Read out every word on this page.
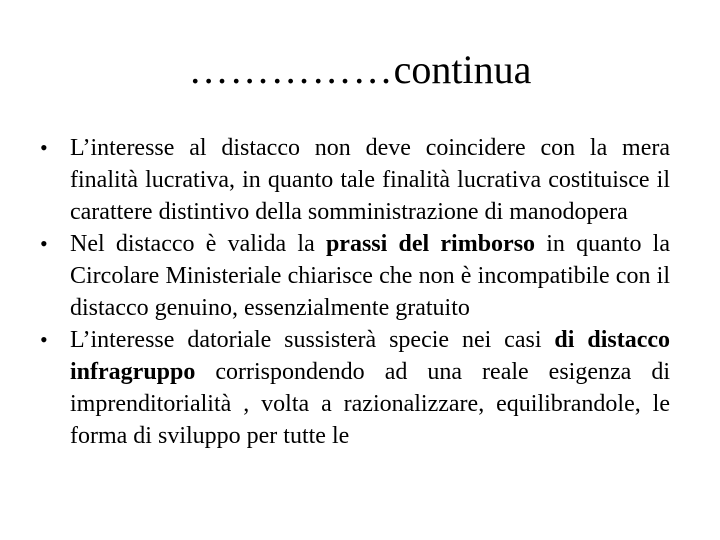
……………continua
• L’interesse al distacco non deve coincidere con la mera finalità lucrativa, in quanto tale finalità lucrativa costituisce il carattere distintivo della somministrazione di manodopera
• Nel distacco è valida la prassi del rimborso in quanto la Circolare Ministeriale chiarisce che non è incompatibile con il distacco genuino, essenzialmente gratuito
• L’interesse datoriale sussisterà specie nei casi di distacco infragruppo corrispondendo ad una reale esigenza di imprenditorialità , volta a razionalizzare, equilibrandole, le forma di sviluppo per tutte le
